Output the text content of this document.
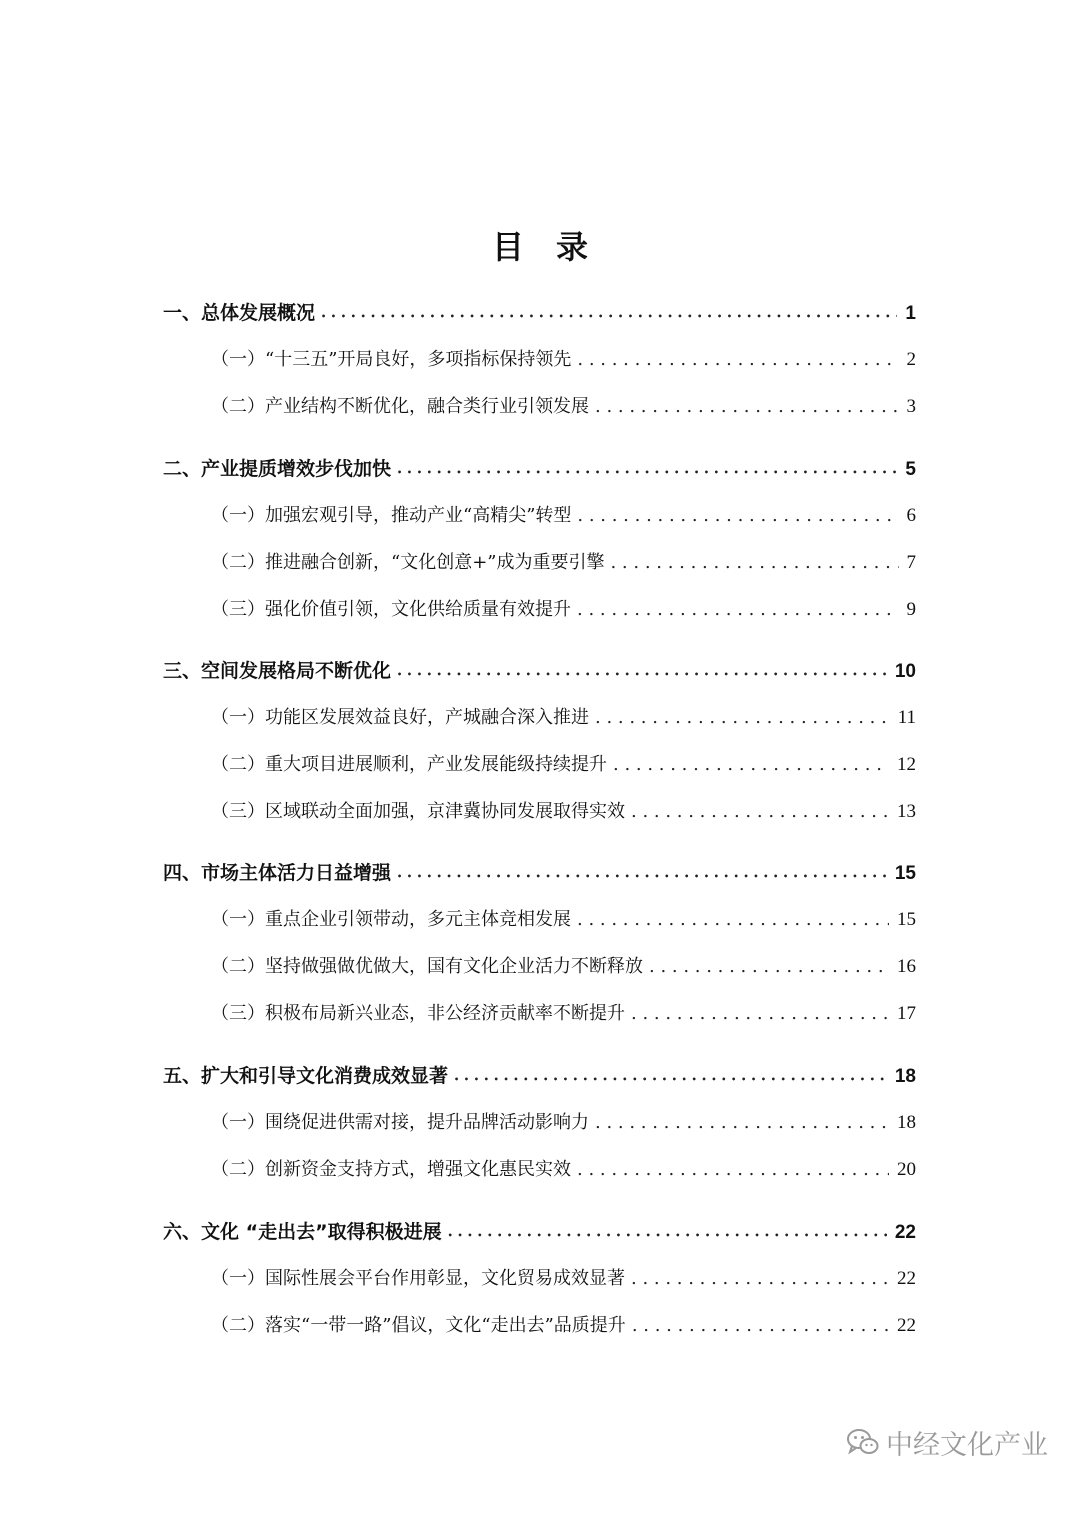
目　录
一、总体发展概况 • • •	1
（一）“十三五”开局良好，多项指标保持领先 . . .	2
（二）产业结构不断优化，融合类行业引领发展 . . .	3
二、产业提质增效步伐加快 • • •	5
（一）加强宏观引导，推动产业“高精尖”转型 . . .	6
（二）推进融合创新，“文化创意+”成为重要引擎 . . .	7
（三）强化价值引领，文化供给质量有效提升 . . .	9
三、空间发展格局不断优化 • • •	10
（一）功能区发展效益良好，产城融合深入推进 . . .	11
（二）重大项目进展顺利，产业发展能级持续提升 . . .	12
（三）区域联动全面加强，京津冀协同发展取得实效 . . .	13
四、市场主体活力日益增强 • • •	15
（一）重点企业引领带动，多元主体竞相发展 . . .	15
（二）坚持做强做优做大，国有文化企业活力不断释放 . . .	16
（三）积极布局新兴业态，非公经济贡献率不断提升 . . .	17
五、扩大和引导文化消费成效显著 • • •	18
（一）围绕促进供需对接，提升品牌活动影响力 . . .	18
（二）创新资金支持方式，增强文化惠民实效 . . .	20
六、文化 “走出去”取得积极进展 • • •	22
（一）国际性展会平台作用彰显，文化贸易成效显著 . . .	22
（二）落实“一带一路”倡议，文化“走出去”品质提升 . . .	22
中经文化产业
